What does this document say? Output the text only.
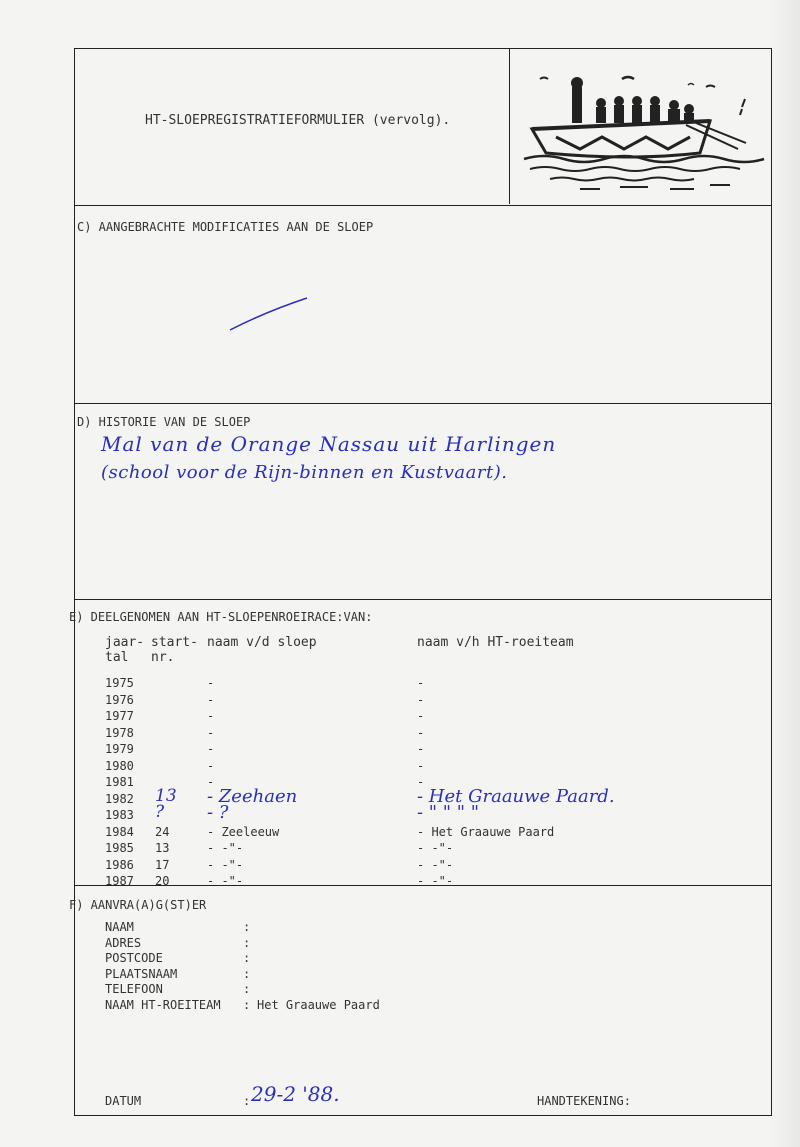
HT-SLOEPREGISTRATIEFORMULIER (vervolg).
C) AANGEBRACHTE MODIFICATIES AAN DE SLOEP
D) HISTORIE VAN DE SLOEP
Mal van de Orange Nassau uit Harlingen
(school voor de Rijn-binnen en Kustvaart).
E) DEELGENOMEN AAN HT-SLOEPENROEIRACE:VAN:
jaar-
tal
start-
nr.
naam v/d sloep	naam v/h HT-roeiteam
1975	-	-
1976	-	-
1977	-	-
1978	-	-
1979	-	-
1980	-	-
1981	-	-
1982 13 - Zeehaen	- Het Graauwe Paard.
1983 ? - ?	- " " " "
1984 24	- Zeeleeuw	- Het Graauwe Paard
1985 13	- -"-	- -"-
1986 17	- -"-	- -"-
1987 20	- -"-	- -"-
F) AANVRA(A)G(ST)ER
NAAM	:
ADRES	:
POSTCODE	:
PLAATSNAAM	:
TELEFOON	:
NAAM HT-ROEITEAM : Het Graauwe Paard
DATUM	: 29-2 '88.	HANDTEKENING:
